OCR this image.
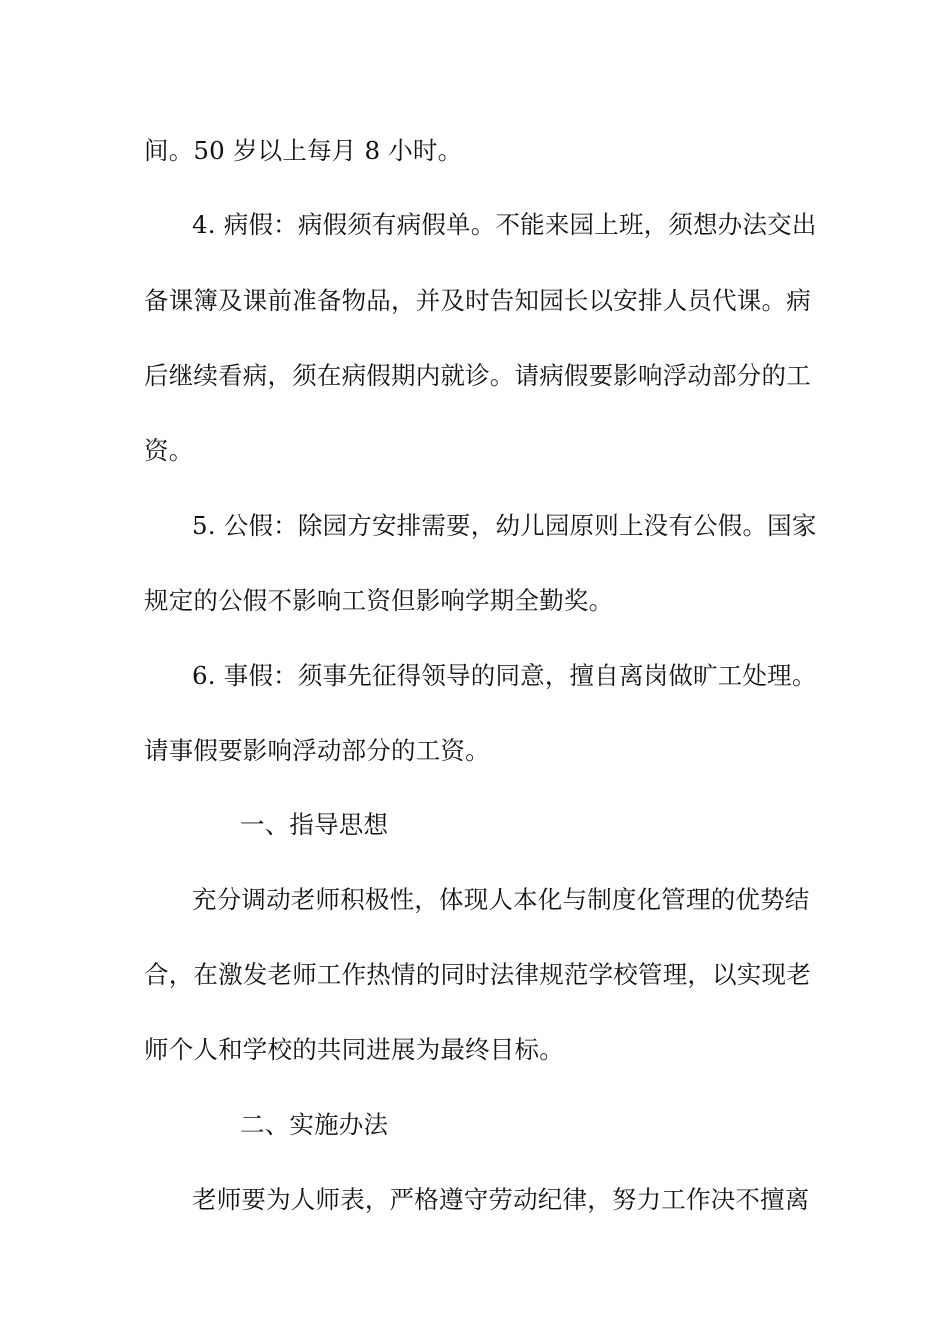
间。50 岁以上每月 8 小时。
4. 病假：病假须有病假单。不能来园上班，须想办法交出
备课簿及课前准备物品，并及时告知园长以安排人员代课。病
后继续看病，须在病假期内就诊。请病假要影响浮动部分的工
资。
5. 公假：除园方安排需要，幼儿园原则上没有公假。国家
规定的公假不影响工资但影响学期全勤奖。
6. 事假：须事先征得领导的同意，擅自离岗做旷工处理。
请事假要影响浮动部分的工资。
一、指导思想
充分调动老师积极性，体现人本化与制度化管理的优势结
合，在激发老师工作热情的同时法律规范学校管理，以实现老
师个人和学校的共同进展为最终目标。
二、实施办法
老师要为人师表，严格遵守劳动纪律，努力工作决不擅离
